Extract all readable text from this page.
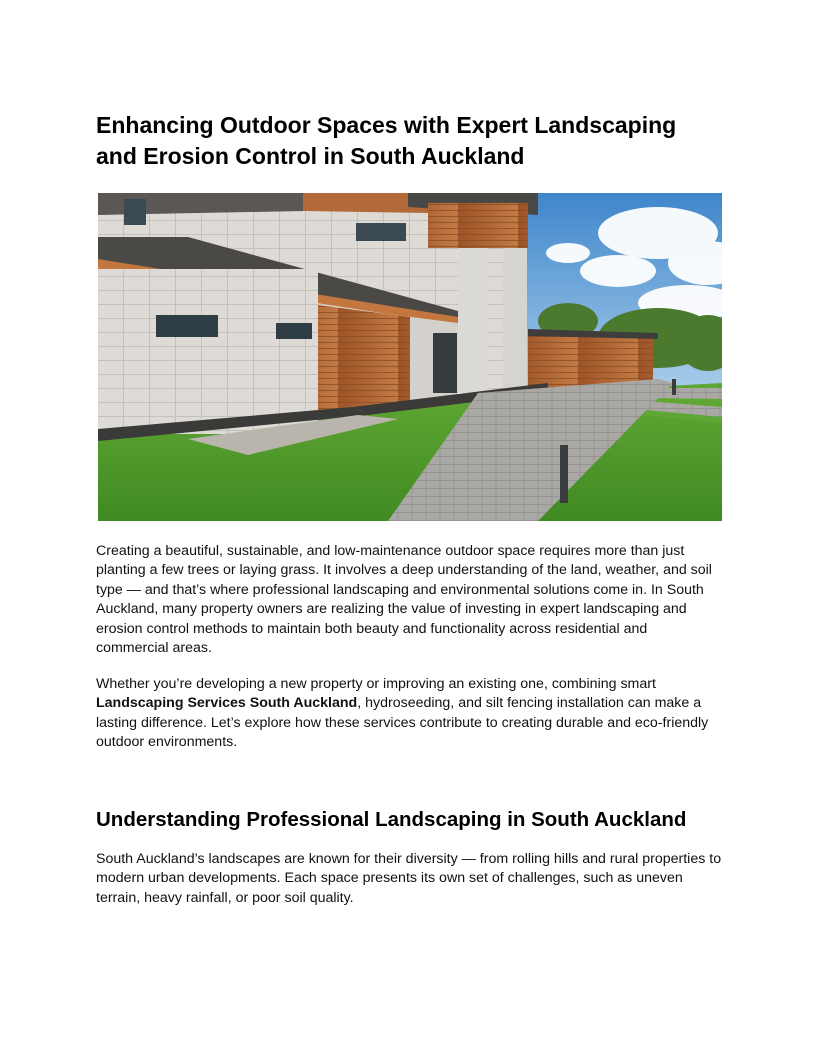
Enhancing Outdoor Spaces with Expert Landscaping and Erosion Control in South Auckland

Creating a beautiful, sustainable, and low-maintenance outdoor space requires more than just planting a few trees or laying grass. It involves a deep understanding of the land, weather, and soil type — and that’s where professional landscaping and environmental solutions come in. In South Auckland, many property owners are realizing the value of investing in expert landscaping and erosion control methods to maintain both beauty and functionality across residential and commercial areas.

Whether you’re developing a new property or improving an existing one, combining smart Landscaping Services South Auckland, hydroseeding, and silt fencing installation can make a lasting difference. Let’s explore how these services contribute to creating durable and eco-friendly outdoor environments.

Understanding Professional Landscaping in South Auckland

South Auckland’s landscapes are known for their diversity — from rolling hills and rural properties to modern urban developments. Each space presents its own set of challenges, such as uneven terrain, heavy rainfall, or poor soil quality.
